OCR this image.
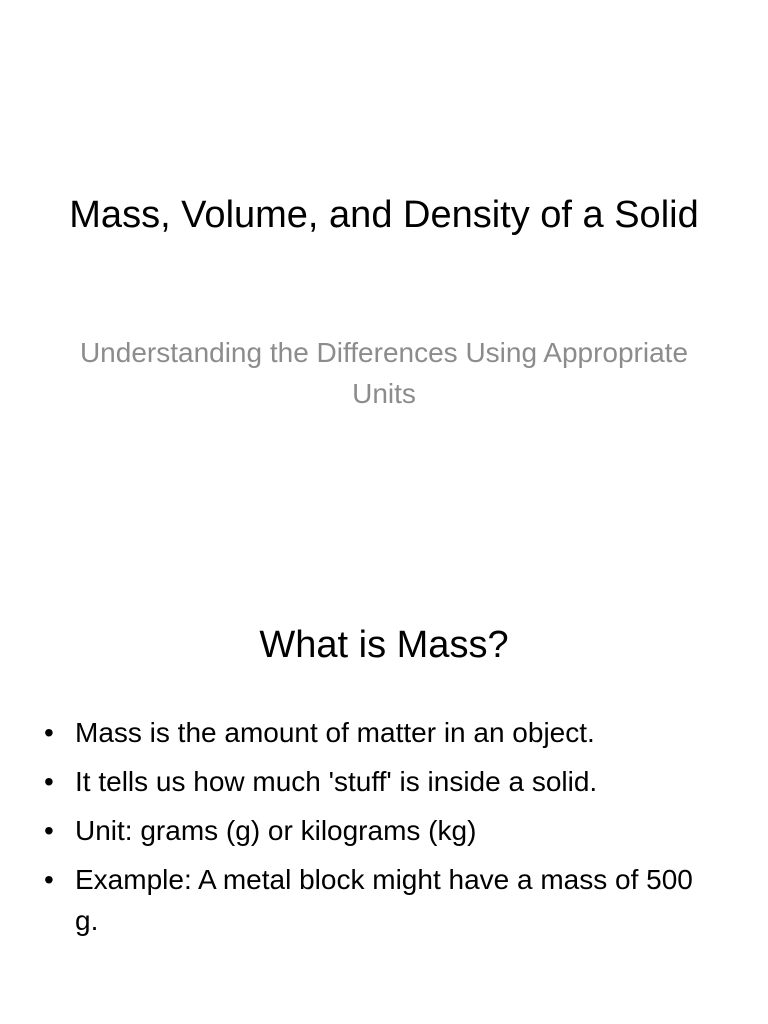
Mass, Volume, and Density of a Solid
Understanding the Differences Using Appropriate Units
What is Mass?
• Mass is the amount of matter in an object.
• It tells us how much 'stuff' is inside a solid.
• Unit: grams (g) or kilograms (kg)
• Example: A metal block might have a mass of 500 g.
